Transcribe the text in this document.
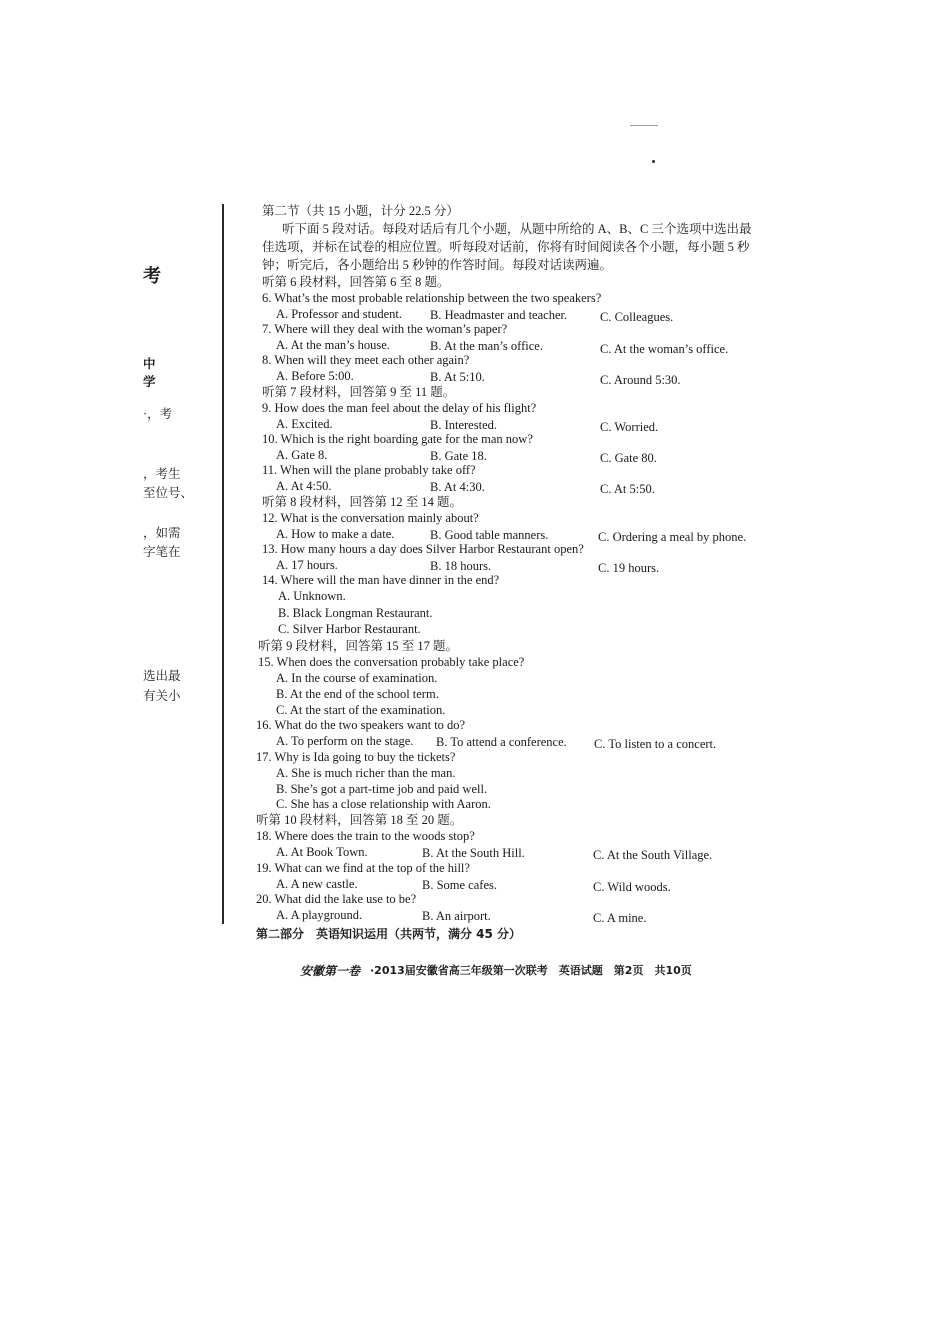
考
中
学
·，考
，考生
至位号、
，如需
字笔在
选出最
有关小
第二节（共 15 小题，计分 22.5 分）
听下面 5 段对话。每段对话后有几个小题，从题中所给的 A、B、C 三个选项中选出最
佳选项，并标在试卷的相应位置。听每段对话前，你将有时间阅读各个小题，每小题 5 秒
钟；听完后，各小题给出 5 秒钟的作答时间。每段对话读两遍。
听第 6 段材料，回答第 6 至 8 题。
6. What’s the most probable relationship between the two speakers?
A. Professor and student. B. Headmaster and teacher.	C. Colleagues.
7. Where will they deal with the woman’s paper?
A. At the man’s house.	B. At the man’s office.	C. At the woman’s office.
8. When will they meet each other again?
A. Before 5:00.	B. At 5:10.	C. Around 5:30.
听第 7 段材料，回答第 9 至 11 题。
9. How does the man feel about the delay of his flight?
A. Excited.	B. Interested.	C. Worried.
10. Which is the right boarding gate for the man now?
A. Gate 8.	B. Gate 18.	C. Gate 80.
11. When will the plane probably take off?
A. At 4:50.	B. At 4:30.	C. At 5:50.
听第 8 段材料，回答第 12 至 14 题。
12. What is the conversation mainly about?
A. How to make a date.	B. Good table manners.	C. Ordering a meal by phone.
13. How many hours a day does Silver Harbor Restaurant open?
A. 17 hours.	B. 18 hours.	C. 19 hours.
14. Where will the man have dinner in the end?
A. Unknown.
B. Black Longman Restaurant.
C. Silver Harbor Restaurant.
听第 9 段材料，回答第 15 至 17 题。
15. When does the conversation probably take place?
A. In the course of examination.
B. At the end of the school term.
C. At the start of the examination.
16. What do the two speakers want to do?
A. To perform on the stage. B. To attend a conference. C. To listen to a concert.
17. Why is Ida going to buy the tickets?
A. She is much richer than the man.
B. She’s got a part-time job and paid well.
C. She has a close relationship with Aaron.
听第 10 段材料，回答第 18 至 20 题。
18. Where does the train to the woods stop?
A. At Book Town.	B. At the South Hill.	C. At the South Village.
19. What can we find at the top of the hill?
A. A new castle.	B. Some cafes.	C. Wild woods.
20. What did the lake use to be?
A. A playground.	B. An airport.	C. A mine.
第二部分　英语知识运用（共两节，满分 45 分）
安徽第一卷 ·2013届安徽省高三年级第一次联考　英语试题　第2页　共10页
